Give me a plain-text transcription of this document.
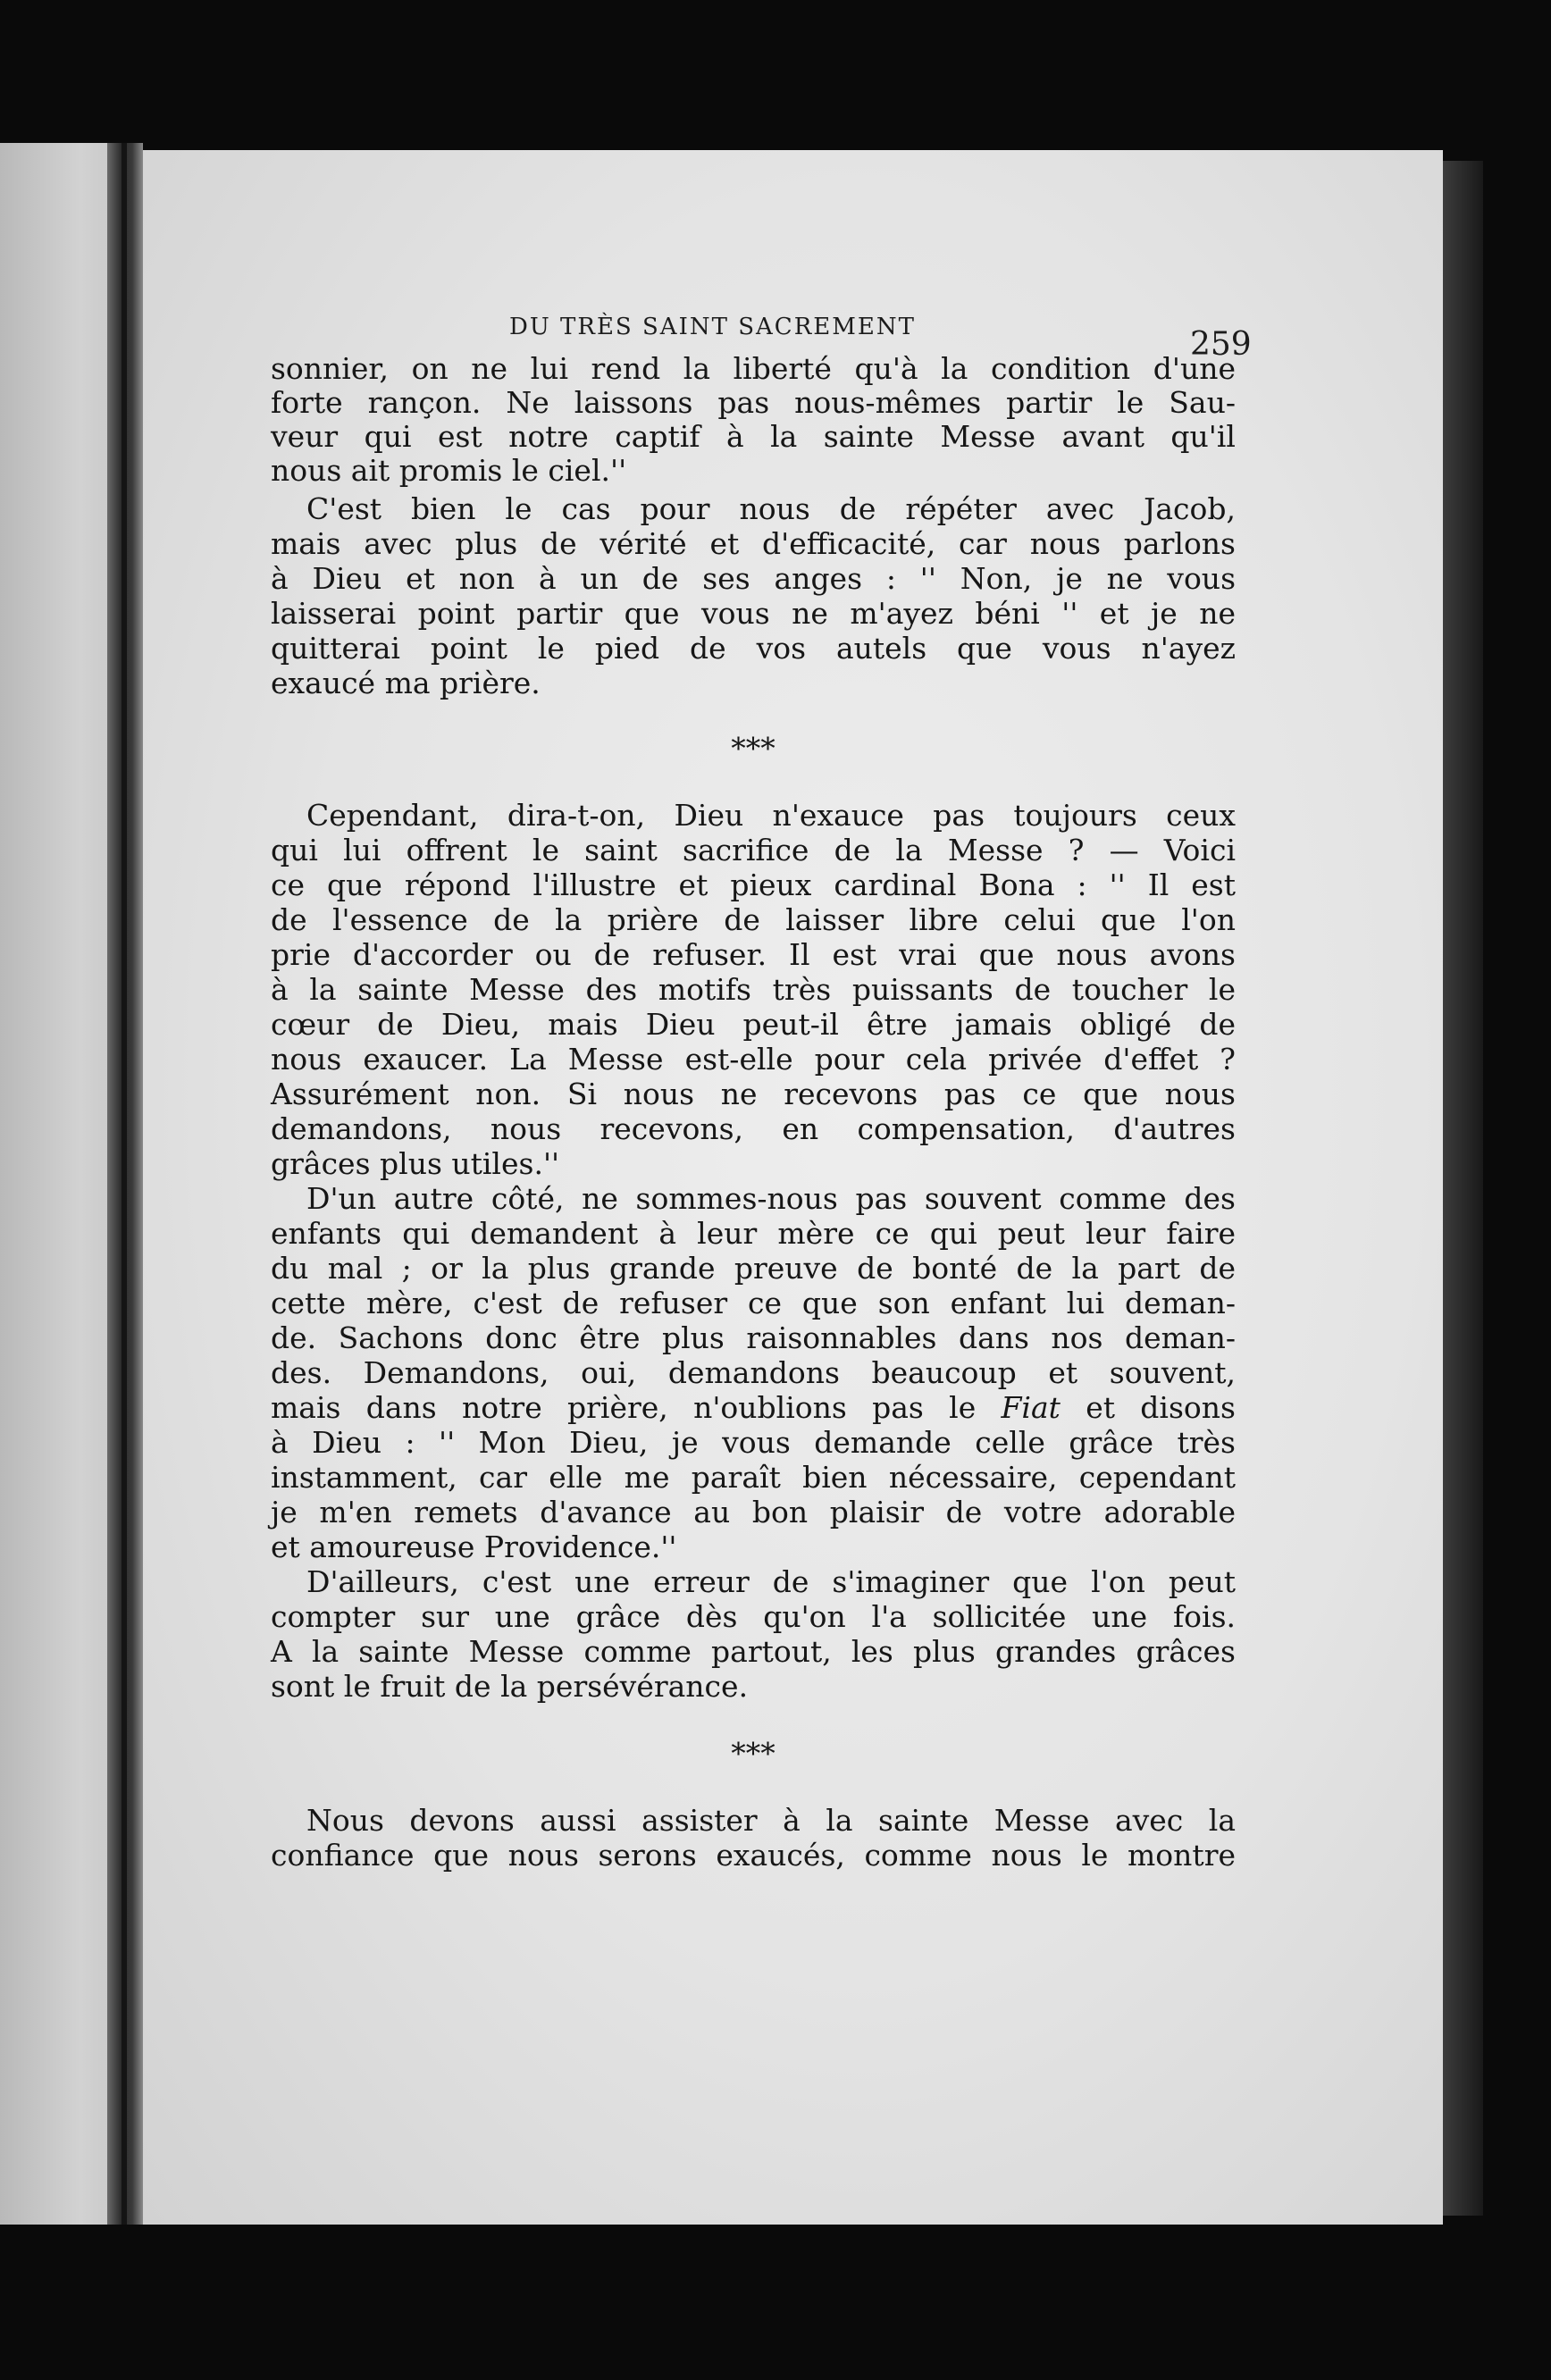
DU TRÈS SAINT SACREMENT	259
sonnier, on ne lui rend la liberté qu'à la condition d'une
forte rançon. Ne laissons pas nous-mêmes partir le Sau-
veur qui est notre captif à la sainte Messe avant qu'il
nous ait promis le ciel.''
C'est bien le cas pour nous de répéter avec Jacob,
mais avec plus de vérité et d'efficacité, car nous parlons
à Dieu et non à un de ses anges : '' Non, je ne vous
laisserai point partir que vous ne m'ayez béni '' et je ne
quitterai point le pied de vos autels que vous n'ayez
exaucé ma prière.
***
Cependant, dira-t-on, Dieu n'exauce pas toujours ceux
qui lui offrent le saint sacrifice de la Messe ? — Voici
ce que répond l'illustre et pieux cardinal Bona : '' Il est
de l'essence de la prière de laisser libre celui que l'on
prie d'accorder ou de refuser. Il est vrai que nous avons
à la sainte Messe des motifs très puissants de toucher le
cœur de Dieu, mais Dieu peut-il être jamais obligé de
nous exaucer. La Messe est-elle pour cela privée d'effet ?
Assurément non. Si nous ne recevons pas ce que nous
demandons, nous recevons, en compensation, d'autres
grâces plus utiles.''
D'un autre côté, ne sommes-nous pas souvent comme des
enfants qui demandent à leur mère ce qui peut leur faire
du mal ; or la plus grande preuve de bonté de la part de
cette mère, c'est de refuser ce que son enfant lui deman-
de. Sachons donc être plus raisonnables dans nos deman-
des. Demandons, oui, demandons beaucoup et souvent,
mais dans notre prière, n'oublions pas le Fiat et disons
à Dieu : '' Mon Dieu, je vous demande celle grâce très
instamment, car elle me paraît bien nécessaire, cependant
je m'en remets d'avance au bon plaisir de votre adorable
et amoureuse Providence.''
D'ailleurs, c'est une erreur de s'imaginer que l'on peut
compter sur une grâce dès qu'on l'a sollicitée une fois.
A la sainte Messe comme partout, les plus grandes grâces
sont le fruit de la persévérance.
***
Nous devons aussi assister à la sainte Messe avec la
confiance que nous serons exaucés, comme nous le montre
